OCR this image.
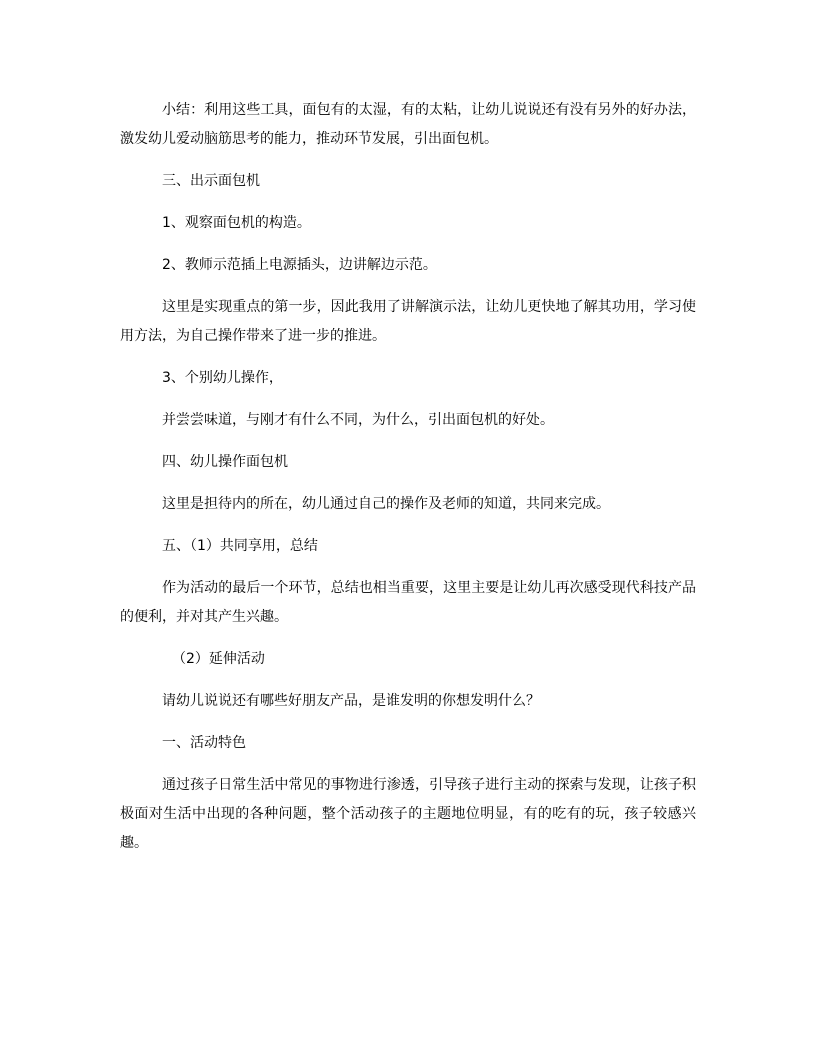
小结：利用这些工具，面包有的太湿，有的太粘，让幼儿说说还有没有另外的好办法，激发幼儿爱动脑筋思考的能力，推动环节发展，引出面包机。

三、出示面包机

1、观察面包机的构造。

2、教师示范插上电源插头，边讲解边示范。

这里是实现重点的第一步，因此我用了讲解演示法，让幼儿更快地了解其功用，学习使用方法，为自己操作带来了进一步的推进。

3、个别幼儿操作，

并尝尝味道，与刚才有什么不同，为什么，引出面包机的好处。

四、幼儿操作面包机

这里是担待内的所在，幼儿通过自己的操作及老师的知道，共同来完成。

五、（1）共同享用，总结

作为活动的最后一个环节，总结也相当重要，这里主要是让幼儿再次感受现代科技产品的便利，并对其产生兴趣。

（2）延伸活动

请幼儿说说还有哪些好朋友产品，是谁发明的你想发明什么？

一、活动特色

通过孩子日常生活中常见的事物进行渗透，引导孩子进行主动的探索与发现，让孩子积极面对生活中出现的各种问题，整个活动孩子的主题地位明显，有的吃有的玩，孩子较感兴趣。
